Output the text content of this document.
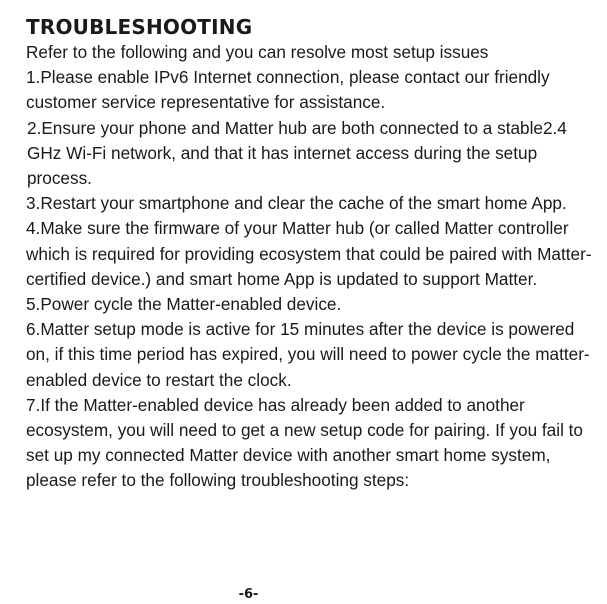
TROUBLESHOOTING

Refer to the following and you can resolve most setup issues

1.Please enable IPv6 Internet connection, please contact our friendly customer service representative for assistance.
2.Ensure your phone and Matter hub are both connected to a stable2.4 GHz Wi-Fi network, and that it has internet access during the setup process.
3.Restart your smartphone and clear the cache of the smart home App.
4.Make sure the firmware of your Matter hub (or called Matter controller which is required for providing ecosystem that could be paired with Matter-certified device.) and smart home App is updated to support Matter.
5.Power cycle the Matter-enabled device.
6.Matter setup mode is active for 15 minutes after the device is powered on, if this time period has expired, you will need to power cycle the matter-enabled device to restart the clock.
7.If the Matter-enabled device has already been added to another ecosystem, you will need to get a new setup code for pairing. If you fail to set up my connected Matter device with another smart home system, please refer to the following troubleshooting steps:
-6-
